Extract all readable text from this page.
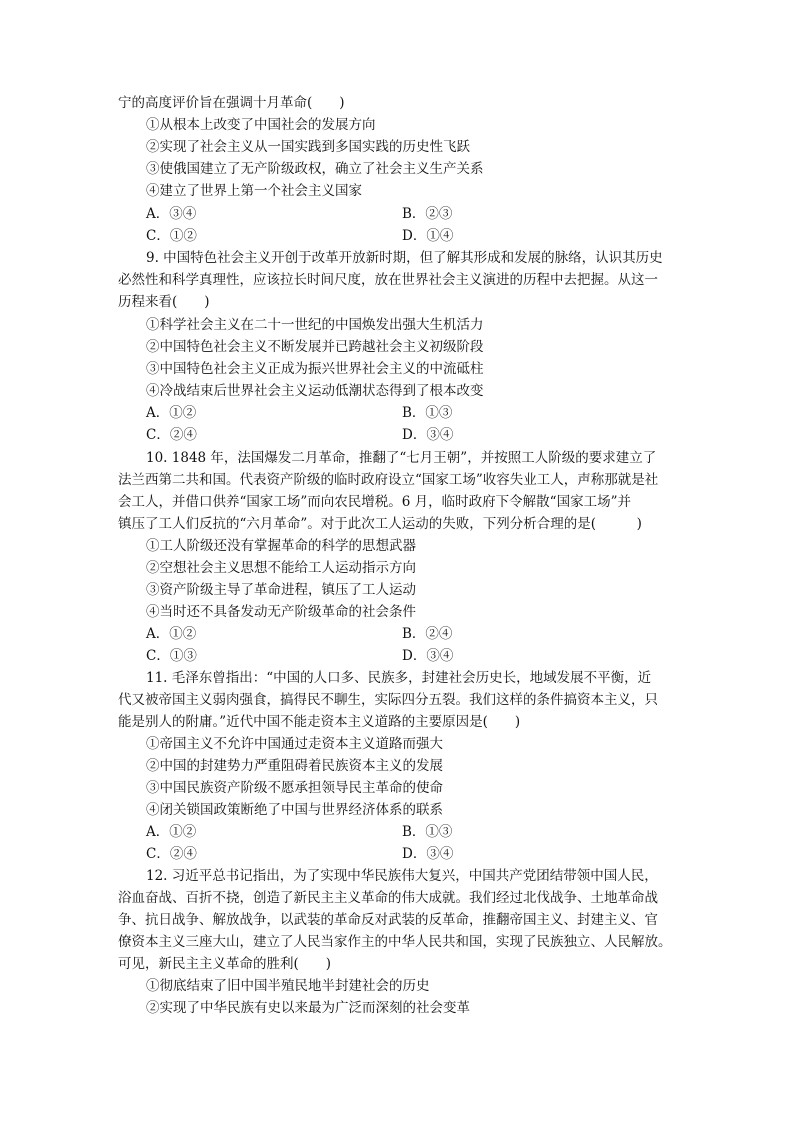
宁的高度评价旨在强调十月革命(　　)
①从根本上改变了中国社会的发展方向
②实现了社会主义从一国实践到多国实践的历史性飞跃
③使俄国建立了无产阶级政权，确立了社会主义生产关系
④建立了世界上第一个社会主义国家
A．③④	B．②③
C．①②	D．①④
9. 中国特色社会主义开创于改革开放新时期，但了解其形成和发展的脉络，认识其历史
必然性和科学真理性，应该拉长时间尺度，放在世界社会主义演进的历程中去把握。从这一
历程来看(　　)
①科学社会主义在二十一世纪的中国焕发出强大生机活力
②中国特色社会主义不断发展并已跨越社会主义初级阶段
③中国特色社会主义正成为振兴世界社会主义的中流砥柱
④冷战结束后世界社会主义运动低潮状态得到了根本改变
A．①②	B．①③
C．②④	D．③④
10. 1848 年，法国爆发二月革命，推翻了“七月王朝”，并按照工人阶级的要求建立了
法兰西第二共和国。代表资产阶级的临时政府设立“国家工场”收容失业工人，声称那就是社
会工人，并借口供养“国家工场”而向农民增税。6 月，临时政府下令解散“国家工场”并
镇压了工人们反抗的“六月革命”。对于此次工人运动的失败，下列分析合理的是(　　　)
①工人阶级还没有掌握革命的科学的思想武器
②空想社会主义思想不能给工人运动指示方向
③资产阶级主导了革命进程，镇压了工人运动
④当时还不具备发动无产阶级革命的社会条件
A．①②	B．②④
C．①③	D．③④
11. 毛泽东曾指出：“中国的人口多、民族多，封建社会历史长，地域发展不平衡，近
代又被帝国主义弱肉强食，搞得民不聊生，实际四分五裂。我们这样的条件搞资本主义，只
能是别人的附庸。”近代中国不能走资本主义道路的主要原因是(　　)
①帝国主义不允许中国通过走资本主义道路而强大
②中国的封建势力严重阻碍着民族资本主义的发展
③中国民族资产阶级不愿承担领导民主革命的使命
④闭关锁国政策断绝了中国与世界经济体系的联系
A．①②	B．①③
C．②④	D．③④
12. 习近平总书记指出，为了实现中华民族伟大复兴，中国共产党团结带领中国人民，
浴血奋战、百折不挠，创造了新民主主义革命的伟大成就。我们经过北伐战争、土地革命战
争、抗日战争、解放战争，以武装的革命反对武装的反革命，推翻帝国主义、封建主义、官
僚资本主义三座大山，建立了人民当家作主的中华人民共和国，实现了民族独立、人民解放。
可见，新民主主义革命的胜利(　　)
①彻底结束了旧中国半殖民地半封建社会的历史
②实现了中华民族有史以来最为广泛而深刻的社会变革
